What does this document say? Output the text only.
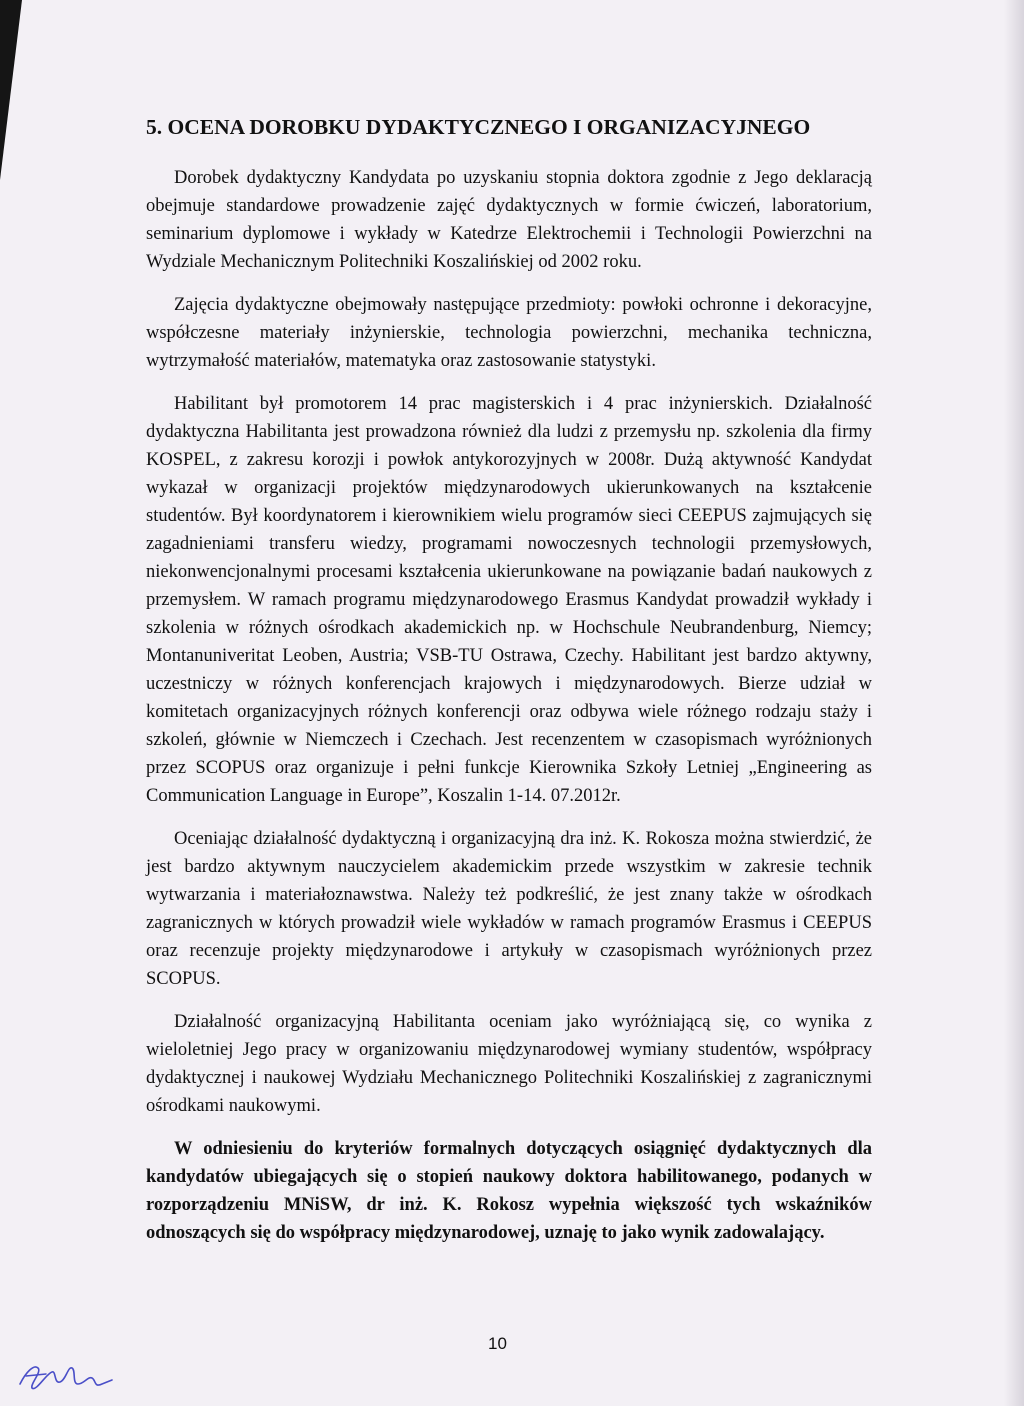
5. OCENA DOROBKU DYDAKTYCZNEGO I ORGANIZACYJNEGO

Dorobek dydaktyczny Kandydata po uzyskaniu stopnia doktora zgodnie z Jego deklaracją obejmuje standardowe prowadzenie zajęć dydaktycznych w formie ćwiczeń, laboratorium, seminarium dyplomowe i wykłady w Katedrze Elektrochemii i Technologii Powierzchni na Wydziale Mechanicznym Politechniki Koszalińskiej od 2002 roku.

Zajęcia dydaktyczne obejmowały następujące przedmioty: powłoki ochronne i dekoracyjne, współczesne materiały inżynierskie, technologia powierzchni, mechanika techniczna, wytrzymałość materiałów, matematyka oraz zastosowanie statystyki.

Habilitant był promotorem 14 prac magisterskich i 4 prac inżynierskich. Działalność dydaktyczna Habilitanta jest prowadzona również dla ludzi z przemysłu np. szkolenia dla firmy KOSPEL, z zakresu korozji i powłok antykorozyjnych w 2008r. Dużą aktywność Kandydat wykazał w organizacji projektów międzynarodowych ukierunkowanych na kształcenie studentów. Był koordynatorem i kierownikiem wielu programów sieci CEEPUS zajmujących się zagadnieniami transferu wiedzy, programami nowoczesnych technologii przemysłowych, niekonwencjonalnymi procesami kształcenia ukierunkowane na powiązanie badań naukowych z przemysłem. W ramach programu międzynarodowego Erasmus Kandydat prowadził wykłady i szkolenia w różnych ośrodkach akademickich np. w Hochschule Neubrandenburg, Niemcy; Montanuniveritat Leoben, Austria; VSB-TU Ostrawa, Czechy. Habilitant jest bardzo aktywny, uczestniczy w różnych konferencjach krajowych i międzynarodowych. Bierze udział w komitetach organizacyjnych różnych konferencji oraz odbywa wiele różnego rodzaju staży i szkoleń, głównie w Niemczech i Czechach. Jest recenzentem w czasopismach wyróżnionych przez SCOPUS oraz organizuje i pełni funkcje Kierownika Szkoły Letniej „Engineering as Communication Language in Europe”, Koszalin 1-14. 07.2012r.

Oceniając działalność dydaktyczną i organizacyjną dra inż. K. Rokosza można stwierdzić, że jest bardzo aktywnym nauczycielem akademickim przede wszystkim w zakresie technik wytwarzania i materiałoznawstwa. Należy też podkreślić, że jest znany także w ośrodkach zagranicznych w których prowadził wiele wykładów w ramach programów Erasmus i CEEPUS oraz recenzuje projekty międzynarodowe i artykuły w czasopismach wyróżnionych przez SCOPUS.

Działalność organizacyjną Habilitanta oceniam jako wyróżniającą się, co wynika z wieloletniej Jego pracy w organizowaniu międzynarodowej wymiany studentów, współpracy dydaktycznej i naukowej Wydziału Mechanicznego Politechniki Koszalińskiej z zagranicznymi ośrodkami naukowymi.

W odniesieniu do kryteriów formalnych dotyczących osiągnięć dydaktycznych dla kandydatów ubiegających się o stopień naukowy doktora habilitowanego, podanych w rozporządzeniu MNiSW, dr inż. K. Rokosz wypełnia większość tych wskaźników odnoszących się do współpracy międzynarodowej, uznaję to jako wynik zadowalający.

10
